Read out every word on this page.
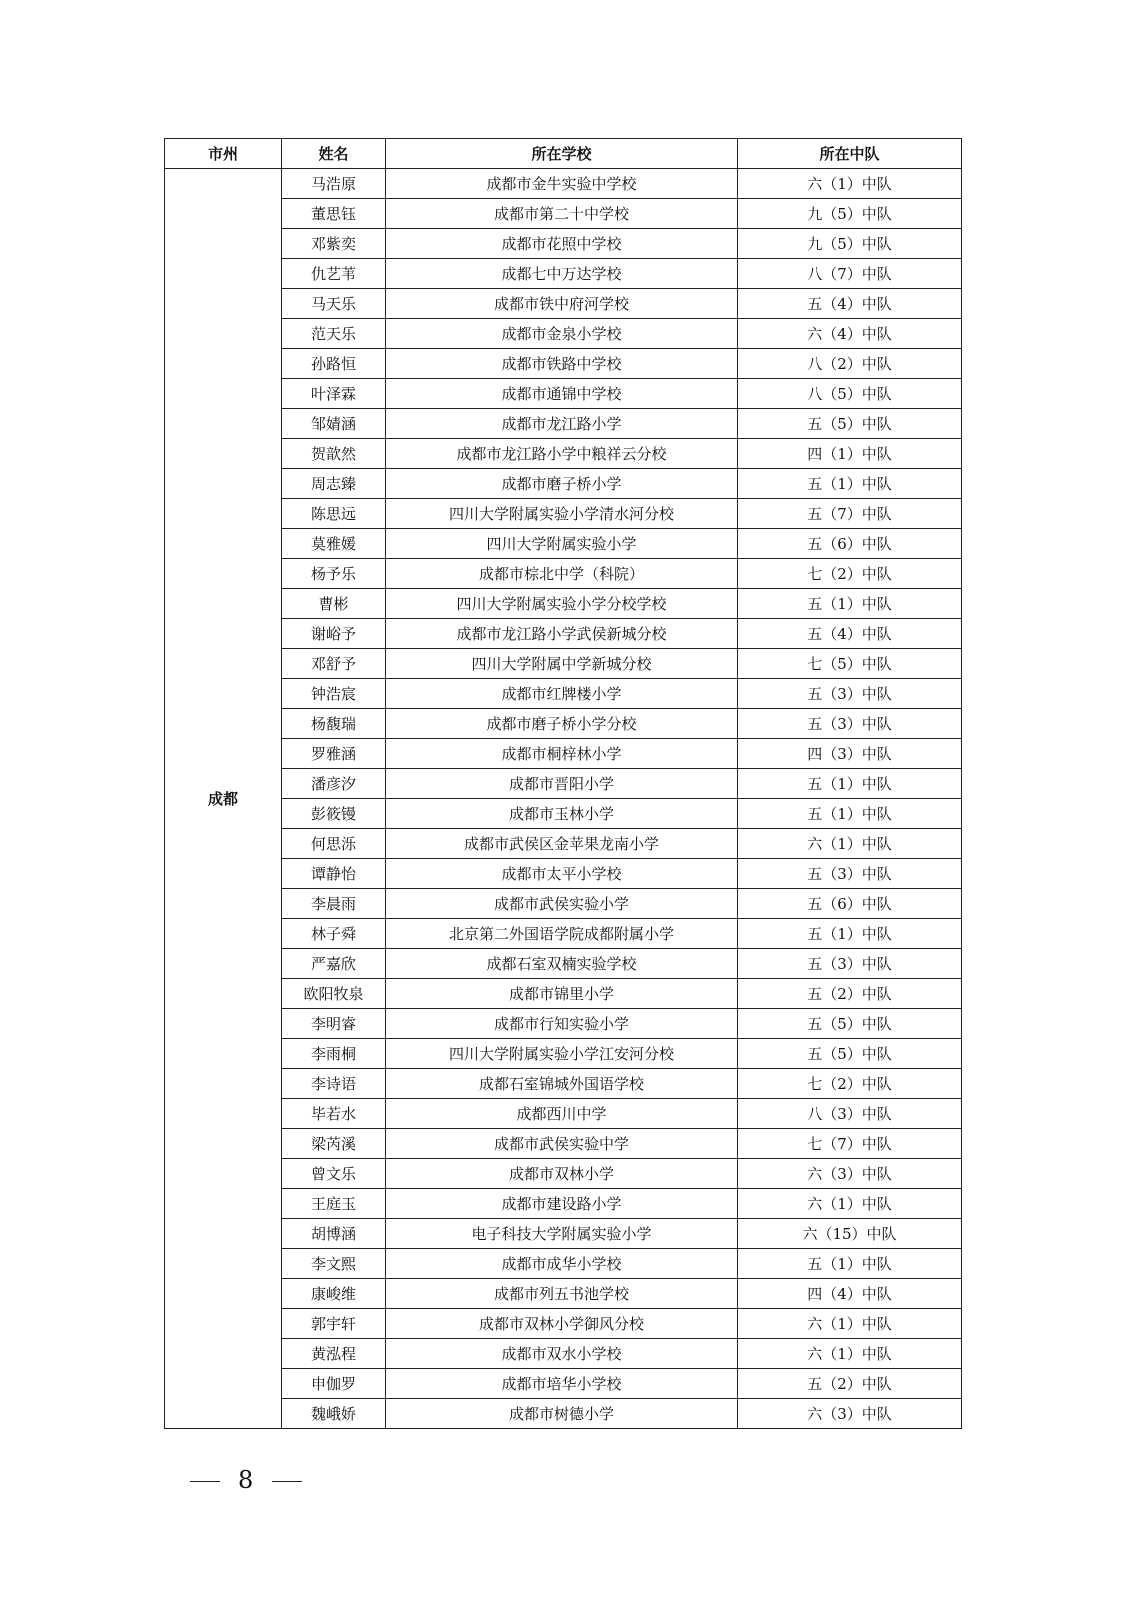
市州	姓名	所在学校	所在中队
成都	马浩原	成都市金牛实验中学校	六（1）中队
	董思钰	成都市第二十中学校	九（5）中队
	邓紫奕	成都市花照中学校	九（5）中队
	仇艺苇	成都七中万达学校	八（7）中队
	马天乐	成都市铁中府河学校	五（4）中队
	范天乐	成都市金泉小学校	六（4）中队
	孙路恒	成都市铁路中学校	八（2）中队
	叶泽霖	成都市通锦中学校	八（5）中队
	邹婧涵	成都市龙江路小学	五（5）中队
	贺歆然	成都市龙江路小学中粮祥云分校	四（1）中队
	周志臻	成都市磨子桥小学	五（1）中队
	陈思远	四川大学附属实验小学清水河分校	五（7）中队
	莫雅媛	四川大学附属实验小学	五（6）中队
	杨予乐	成都市棕北中学（科院）	七（2）中队
	曹彬	四川大学附属实验小学分校学校	五（1）中队
	谢峪予	成都市龙江路小学武侯新城分校	五（4）中队
	邓舒予	四川大学附属中学新城分校	七（5）中队
	钟浩宸	成都市红牌楼小学	五（3）中队
	杨馥瑞	成都市磨子桥小学分校	五（3）中队
	罗雅涵	成都市桐梓林小学	四（3）中队
	潘彦汐	成都市晋阳小学	五（1）中队
	彭筱镘	成都市玉林小学	五（1）中队
	何思泺	成都市武侯区金苹果龙南小学	六（1）中队
	谭静怡	成都市太平小学校	五（3）中队
	李晨雨	成都市武侯实验小学	五（6）中队
	林子舜	北京第二外国语学院成都附属小学	五（1）中队
	严嘉欣	成都石室双楠实验学校	五（3）中队
	欧阳牧泉	成都市锦里小学	五（2）中队
	李明睿	成都市行知实验小学	五（5）中队
	李雨桐	四川大学附属实验小学江安河分校	五（5）中队
	李诗语	成都石室锦城外国语学校	七（2）中队
	毕若水	成都西川中学	八（3）中队
	梁芮溪	成都市武侯实验中学	七（7）中队
	曾文乐	成都市双林小学	六（3）中队
	王庭玉	成都市建设路小学	六（1）中队
	胡博涵	电子科技大学附属实验小学	六（15）中队
	李文熙	成都市成华小学校	五（1）中队
	康峻维	成都市列五书池学校	四（4）中队
	郭宇轩	成都市双林小学御风分校	六（1）中队
	黄泓程	成都市双水小学校	六（1）中队
	申伽罗	成都市培华小学校	五（2）中队
	魏峨娇	成都市树德小学	六（3）中队
8
